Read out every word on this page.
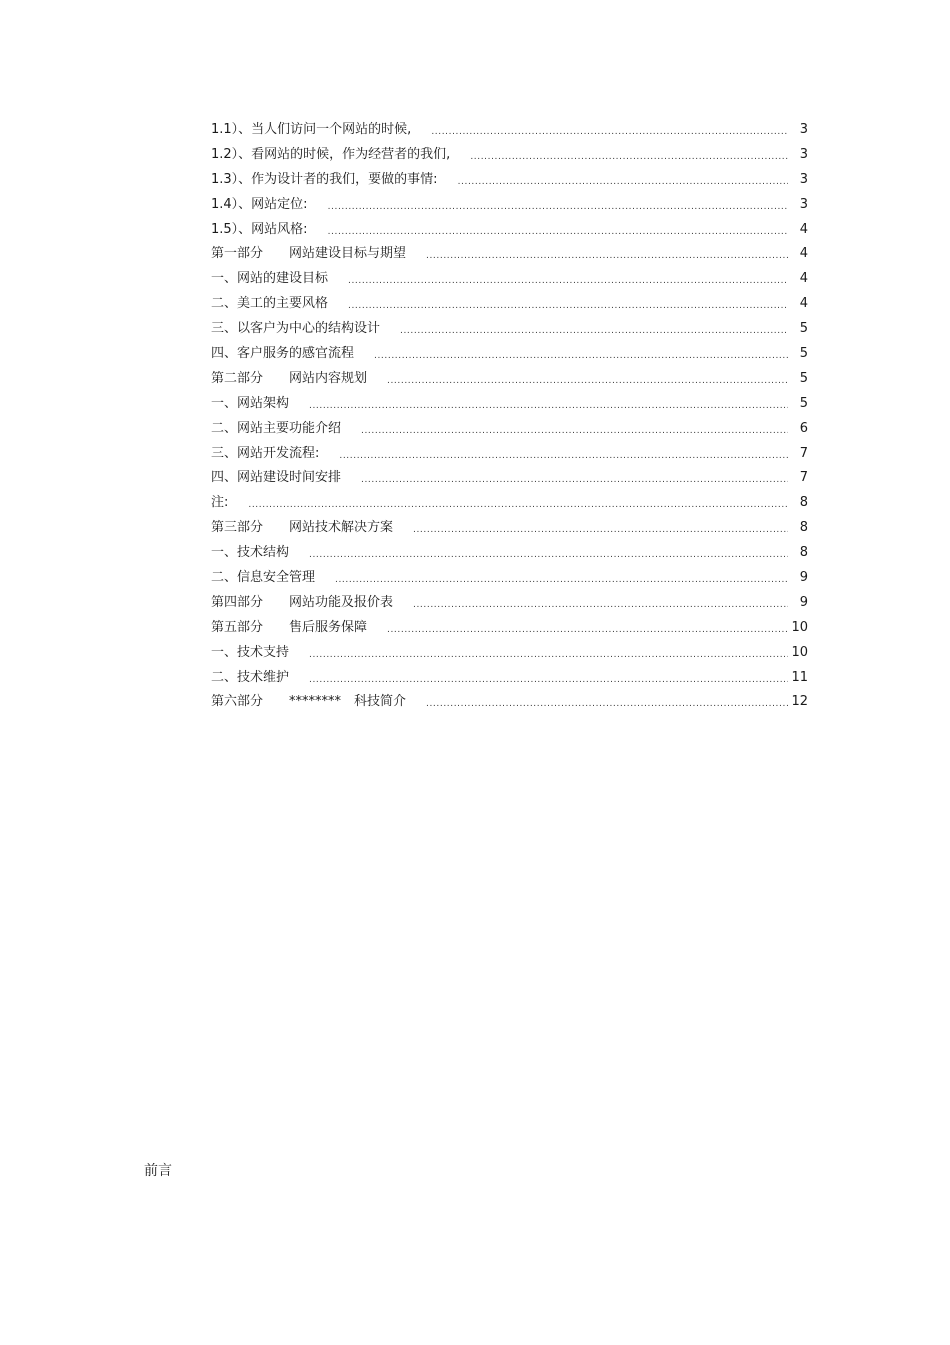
1.1）、当人们访问一个网站的时候, .....	3
1.2）、看网站的时候，作为经营者的我们, .....	3
1.3）、作为设计者的我们，要做的事情: .....	3
1.4）、网站定位: .....	3
1.5）、网站风格: .....	4
第一部分　　网站建设目标与期望 .....	4
一、网站的建设目标 .....	4
二、美工的主要风格 .....	4
三、以客户为中心的结构设计 .....	5
四、客户服务的感官流程 .....	5
第二部分　　网站内容规划 .....	5
一、网站架构 .....	5
二、网站主要功能介绍 .....	6
三、网站开发流程: .....	7
四、网站建设时间安排 .....	7
注: .....	8
第三部分　　网站技术解决方案 .....	8
一、技术结构 .....	8
二、信息安全管理 .....	9
第四部分　　网站功能及报价表 .....	9
第五部分　　售后服务保障 .....	10
一、技术支持 .....	10
二、技术维护 .....	11
第六部分　　********　科技简介 .....	12
前言
